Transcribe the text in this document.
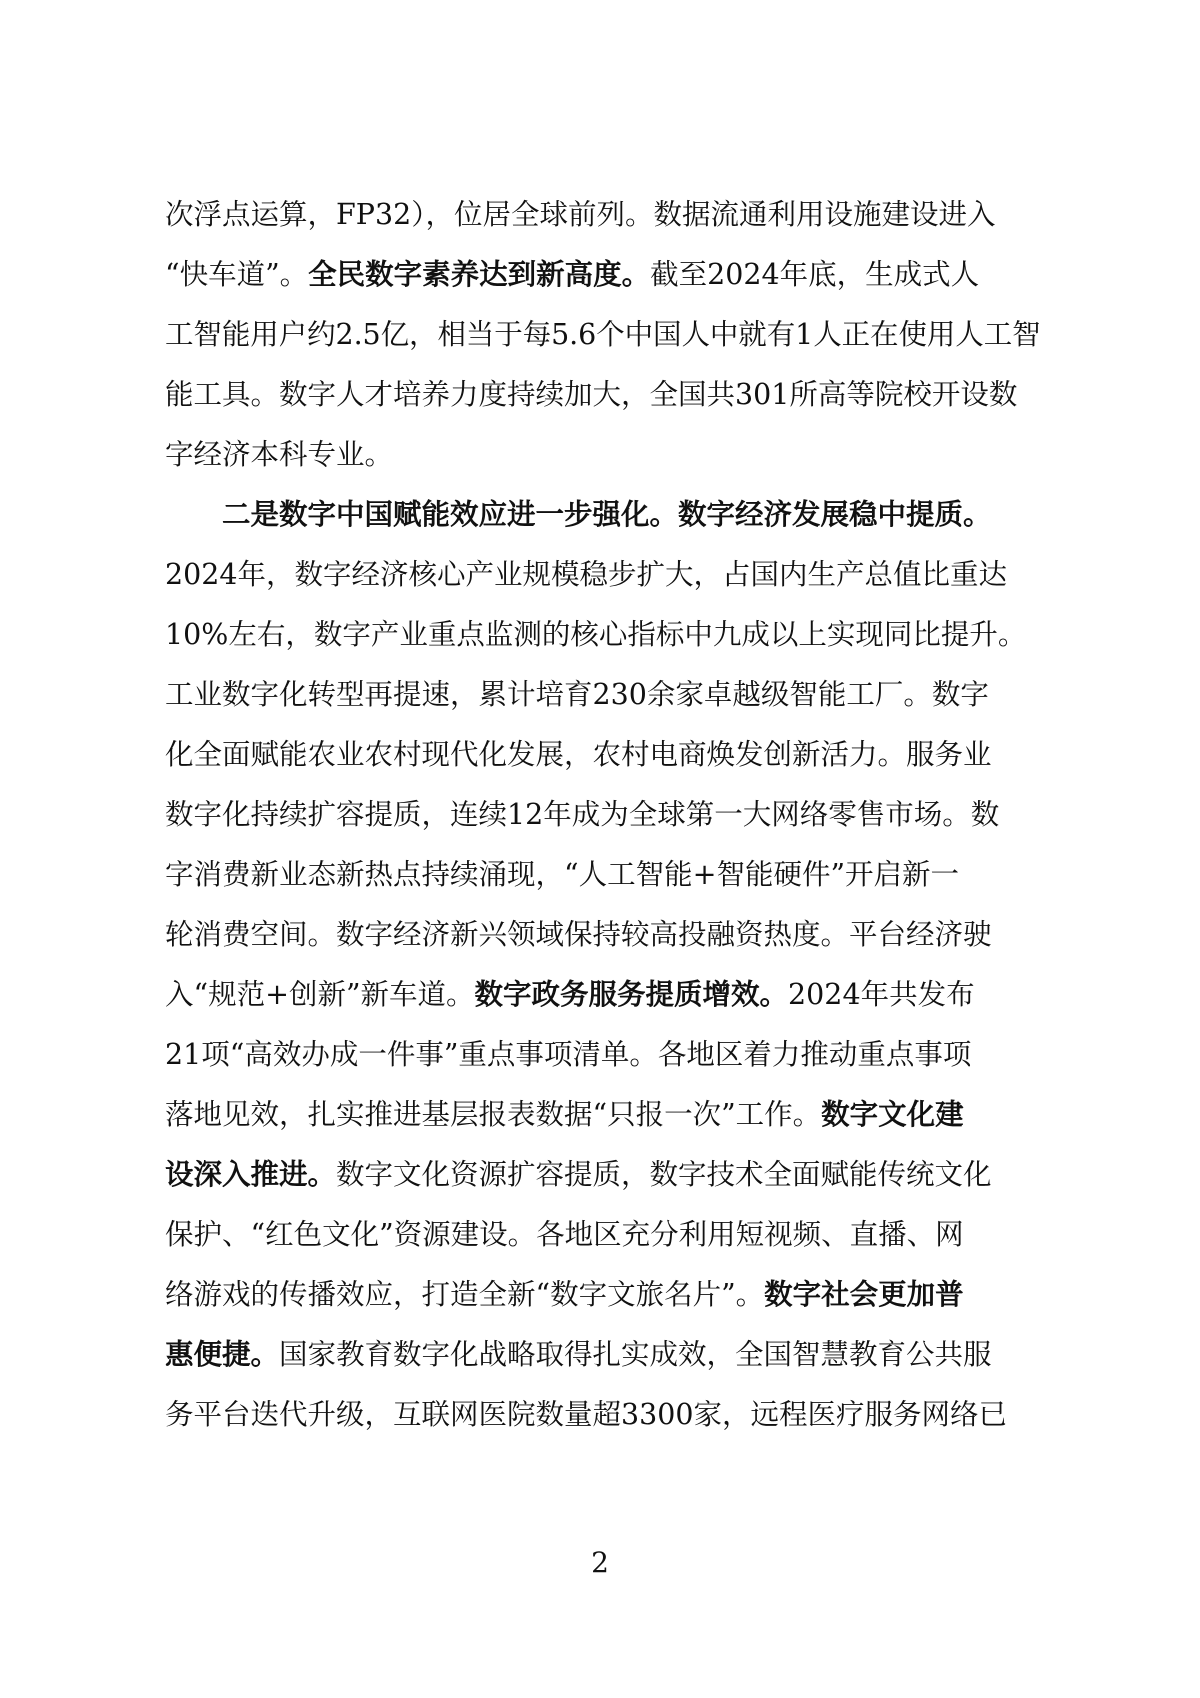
次浮点运算，FP32），位居全球前列。数据流通利用设施建设进入
“快车道”。全民数字素养达到新高度。截至2024年底，生成式人
工智能用户约2.5亿，相当于每5.6个中国人中就有1人正在使用人工智
能工具。数字人才培养力度持续加大，全国共301所高等院校开设数
字经济本科专业。
二是数字中国赋能效应进一步强化。数字经济发展稳中提质。
2024年，数字经济核心产业规模稳步扩大，占国内生产总值比重达
10%左右，数字产业重点监测的核心指标中九成以上实现同比提升。
工业数字化转型再提速，累计培育230余家卓越级智能工厂。数字
化全面赋能农业农村现代化发展，农村电商焕发创新活力。服务业
数字化持续扩容提质，连续12年成为全球第一大网络零售市场。数
字消费新业态新热点持续涌现，“人工智能+智能硬件”开启新一
轮消费空间。数字经济新兴领域保持较高投融资热度。平台经济驶
入“规范+创新”新车道。数字政务服务提质增效。2024年共发布
21项“高效办成一件事”重点事项清单。各地区着力推动重点事项
落地见效，扎实推进基层报表数据“只报一次”工作。数字文化建
设深入推进。数字文化资源扩容提质，数字技术全面赋能传统文化
保护、“红色文化”资源建设。各地区充分利用短视频、直播、网
络游戏的传播效应，打造全新“数字文旅名片”。数字社会更加普
惠便捷。国家教育数字化战略取得扎实成效，全国智慧教育公共服
务平台迭代升级，互联网医院数量超3300家，远程医疗服务网络已
2
